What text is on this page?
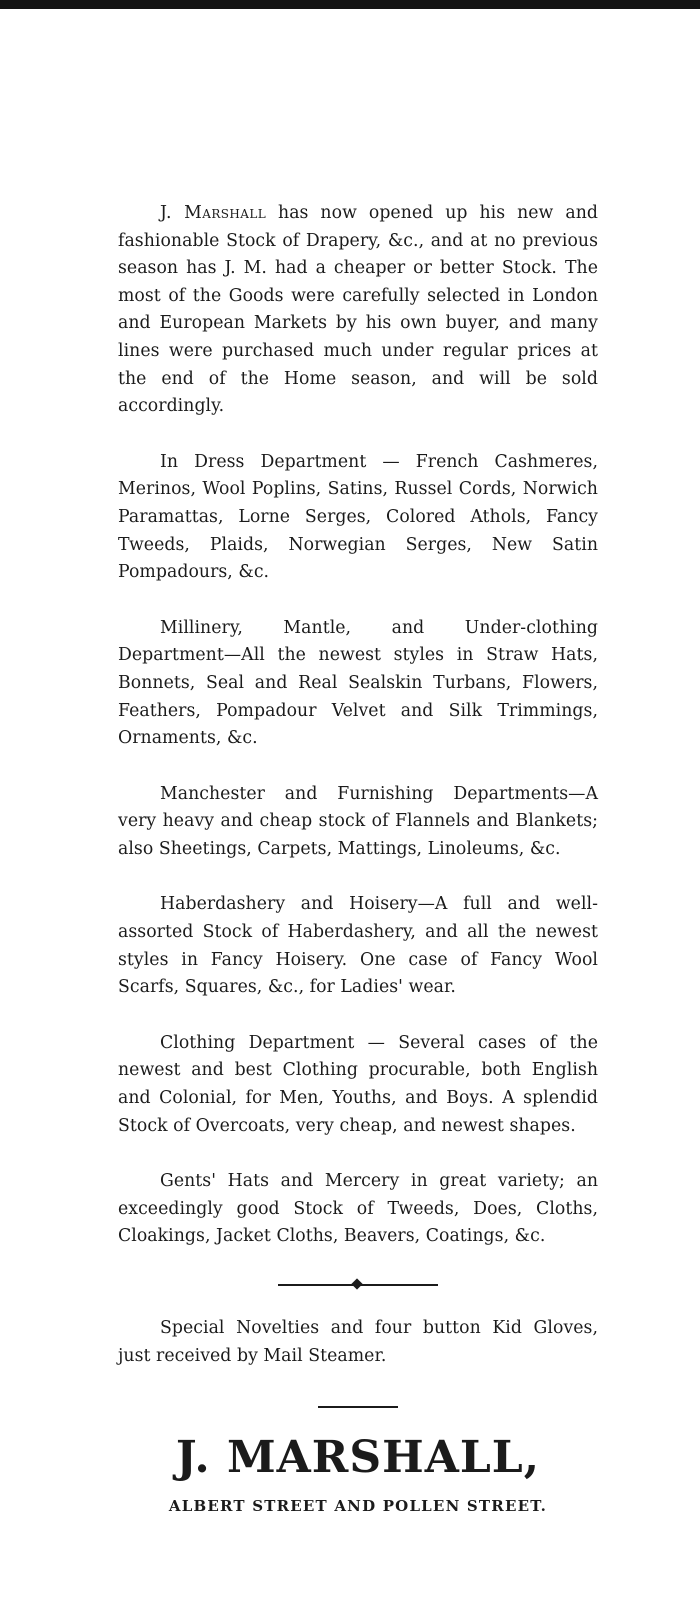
J. Marshall has now opened up his new and fashionable Stock of Drapery, &c., and at no previous season has J. M. had a cheaper or better Stock. The most of the Goods were carefully selected in London and European Markets by his own buyer, and many lines were purchased much under regular prices at the end of the Home season, and will be sold accordingly.

In Dress Department — French Cashmeres, Merinos, Wool Poplins, Satins, Russel Cords, Norwich Paramattas, Lorne Serges, Colored Athols, Fancy Tweeds, Plaids, Norwegian Serges, New Satin Pompadours, &c.

Millinery, Mantle, and Under-clothing Department—All the newest styles in Straw Hats, Bonnets, Seal and Real Sealskin Turbans, Flowers, Feathers, Pompadour Velvet and Silk Trimmings, Ornaments, &c.

Manchester and Furnishing Departments—A very heavy and cheap stock of Flannels and Blankets; also Sheetings, Carpets, Mattings, Linoleums, &c.

Haberdashery and Hoisery—A full and well-assorted Stock of Haberdashery, and all the newest styles in Fancy Hoisery. One case of Fancy Wool Scarfs, Squares, &c., for Ladies' wear.

Clothing Department — Several cases of the newest and best Clothing procurable, both English and Colonial, for Men, Youths, and Boys. A splendid Stock of Overcoats, very cheap, and newest shapes.

Gents' Hats and Mercery in great variety; an exceedingly good Stock of Tweeds, Does, Cloths, Cloakings, Jacket Cloths, Beavers, Coatings, &c.

Special Novelties and four button Kid Gloves, just received by Mail Steamer.

J. MARSHALL,

ALBERT STREET AND POLLEN STREET.
